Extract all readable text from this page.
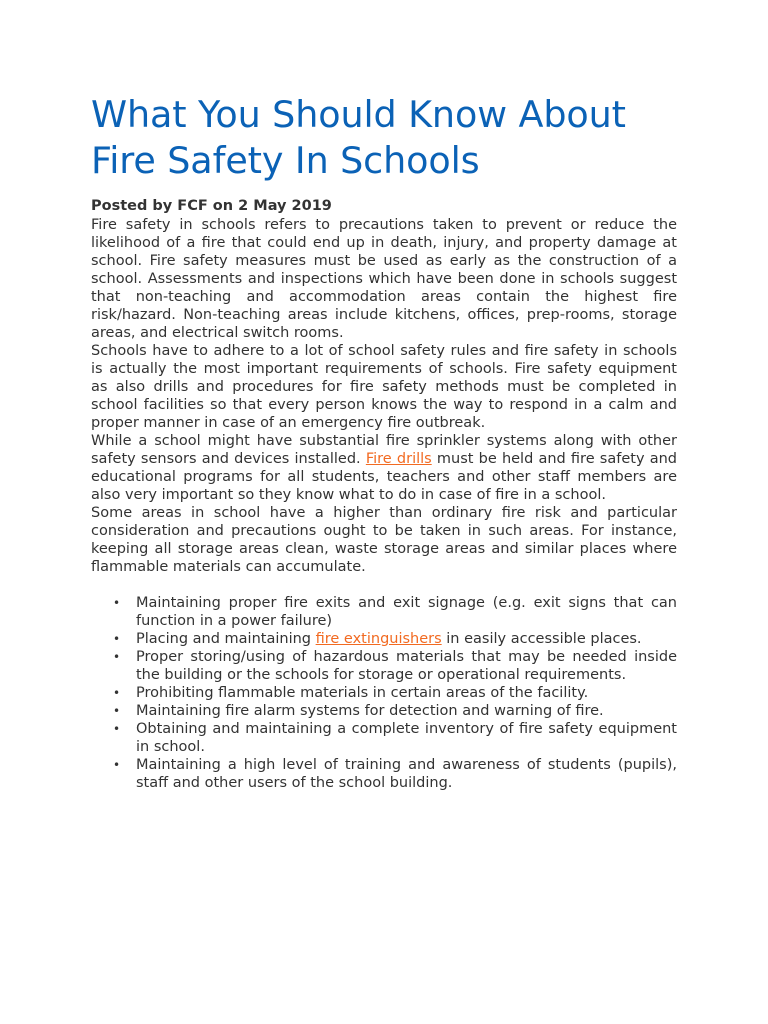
What You Should Know About Fire Safety In Schools
Posted by FCF on 2 May 2019

Fire safety in schools refers to precautions taken to prevent or reduce the likelihood of a fire that could end up in death, injury, and property damage at school. Fire safety measures must be used as early as the construction of a school. Assessments and inspections which have been done in schools suggest that non-teaching and accommodation areas contain the highest fire risk/hazard. Non-teaching areas include kitchens, offices, prep-rooms, storage areas, and electrical switch rooms.

Schools have to adhere to a lot of school safety rules and fire safety in schools is actually the most important requirements of schools. Fire safety equipment as also drills and procedures for fire safety methods must be completed in school facilities so that every person knows the way to respond in a calm and proper manner in case of an emergency fire outbreak.

While a school might have substantial fire sprinkler systems along with other safety sensors and devices installed. Fire drills must be held and fire safety and educational programs for all students, teachers and other staff members are also very important so they know what to do in case of fire in a school.

Some areas in school have a higher than ordinary fire risk and particular consideration and precautions ought to be taken in such areas. For instance, keeping all storage areas clean, waste storage areas and similar places where flammable materials can accumulate.

• Maintaining proper fire exits and exit signage (e.g. exit signs that can function in a power failure)
• Placing and maintaining fire extinguishers in easily accessible places.
• Proper storing/using of hazardous materials that may be needed inside the building or the schools for storage or operational requirements.
• Prohibiting flammable materials in certain areas of the facility.
• Maintaining fire alarm systems for detection and warning of fire.
• Obtaining and maintaining a complete inventory of fire safety equipment in school.
• Maintaining a high level of training and awareness of students (pupils), staff and other users of the school building.
